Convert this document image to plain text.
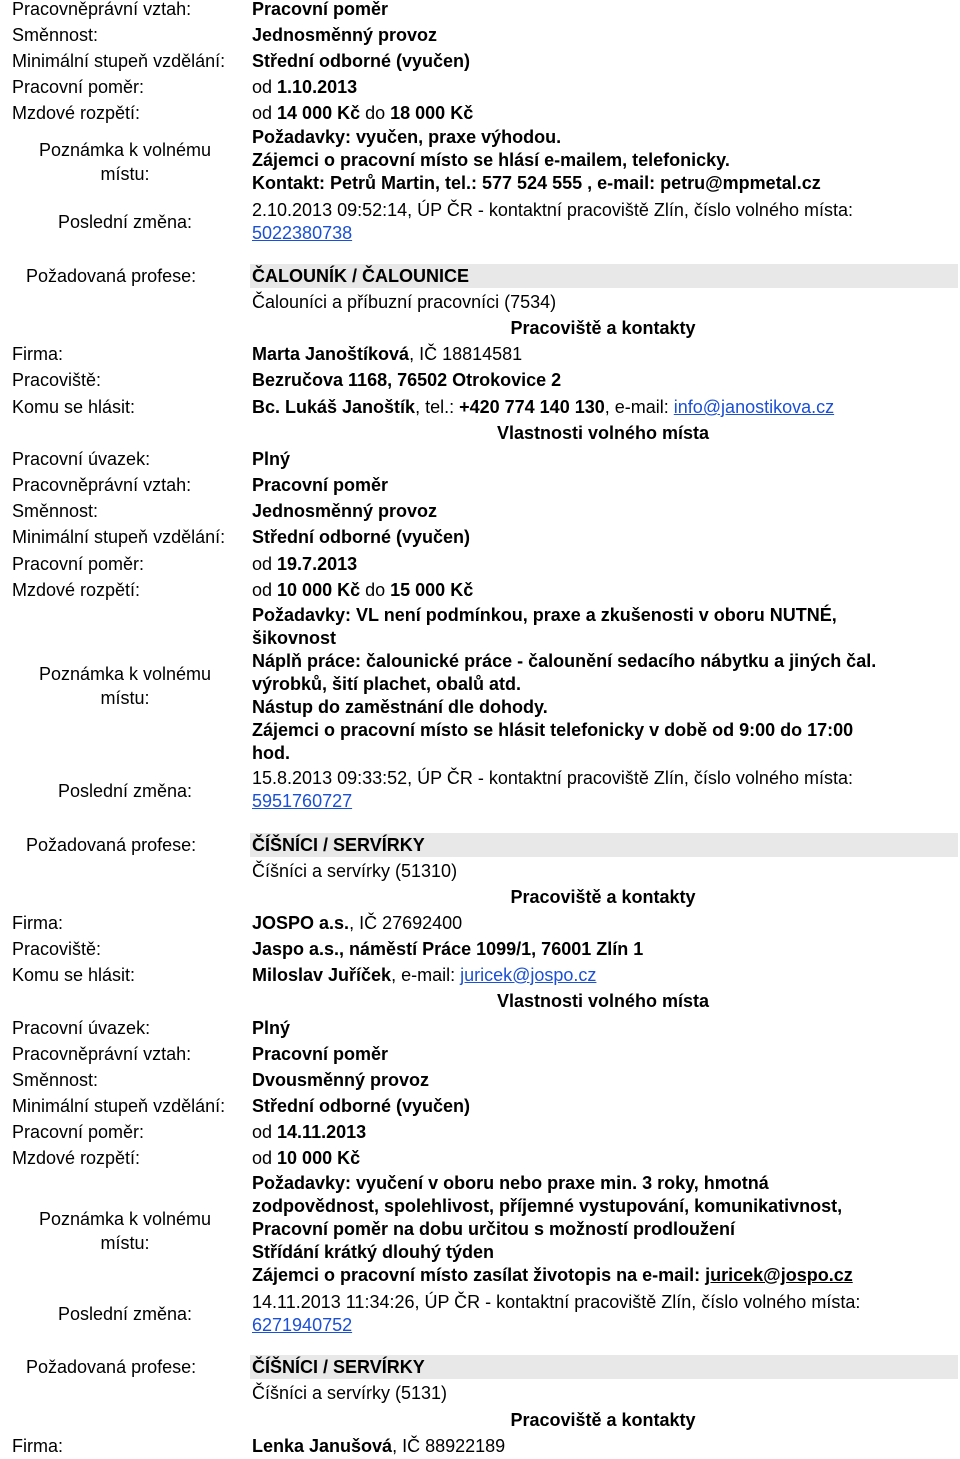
Pracovněprávní vztah:	Pracovní poměr
Směnnost:	Jednosměnný provoz
Minimální stupeň vzdělání: Střední odborné (vyučen)
Pracovní poměr:	od 1.10.2013
Mzdové rozpětí:	od 14 000 Kč do 18 000 Kč
Poznámka k volnému místu:
Požadavky: vyučen, praxe výhodou.
Zájemci o pracovní místo se hlásí e-mailem, telefonicky.
Kontakt: Petrů Martin, tel.: 577 524 555 , e-mail: petru@mpmetal.cz
Poslední změna:
2.10.2013 09:52:14, ÚP ČR - kontaktní pracoviště Zlín, číslo volného místa:
5022380738
Požadovaná profese:	ČALOUNÍK / ČALOUNICE
Čalouníci a příbuzní pracovníci (7534)
Pracoviště a kontakty
Firma:	Marta Janoštíková, IČ 18814581
Pracoviště:	Bezručova 1168, 76502 Otrokovice 2
Komu se hlásit:	Bc. Lukáš Janoštík, tel.: +420 774 140 130, e-mail: info@janostikova.cz
Vlastnosti volného místa
Pracovní úvazek:	Plný
Pracovněprávní vztah:	Pracovní poměr
Směnnost:	Jednosměnný provoz
Minimální stupeň vzdělání: Střední odborné (vyučen)
Pracovní poměr:	od 19.7.2013
Mzdové rozpětí:	od 10 000 Kč do 15 000 Kč
Poznámka k volnému místu:
Požadavky: VL není podmínkou, praxe a zkušenosti v oboru NUTNÉ,
šikovnost
Náplň práce: čalounické práce - čalounění sedacího nábytku a jiných čal.
výrobků, šití plachet, obalů atd.
Nástup do zaměstnání dle dohody.
Zájemci o pracovní místo se hlásit telefonicky v době od 9:00 do 17:00
hod.
Poslední změna:
15.8.2013 09:33:52, ÚP ČR - kontaktní pracoviště Zlín, číslo volného místa:
5951760727
Požadovaná profese:	ČÍŠNÍCI / SERVÍRKY
Číšníci a servírky (51310)
Pracoviště a kontakty
Firma:	JOSPO a.s., IČ 27692400
Pracoviště:	Jaspo a.s., náměstí Práce 1099/1, 76001 Zlín 1
Komu se hlásit:	Miloslav Juříček, e-mail: juricek@jospo.cz
Vlastnosti volného místa
Pracovní úvazek:	Plný
Pracovněprávní vztah:	Pracovní poměr
Směnnost:	Dvousměnný provoz
Minimální stupeň vzdělání: Střední odborné (vyučen)
Pracovní poměr:	od 14.11.2013
Mzdové rozpětí:	od 10 000 Kč
Poznámka k volnému místu:
Požadavky: vyučení v oboru nebo praxe min. 3 roky, hmotná
zodpovědnost, spolehlivost, příjemné vystupování, komunikativnost,
Pracovní poměr na dobu určitou s možností prodloužení
Střídání krátký dlouhý týden
Zájemci o pracovní místo zasílat životopis na e-mail: juricek@jospo.cz
Poslední změna:
14.11.2013 11:34:26, ÚP ČR - kontaktní pracoviště Zlín, číslo volného místa:
6271940752
Požadovaná profese:	ČÍŠNÍCI / SERVÍRKY
Číšníci a servírky (5131)
Pracoviště a kontakty
Firma:	Lenka Janušová, IČ 88922189
